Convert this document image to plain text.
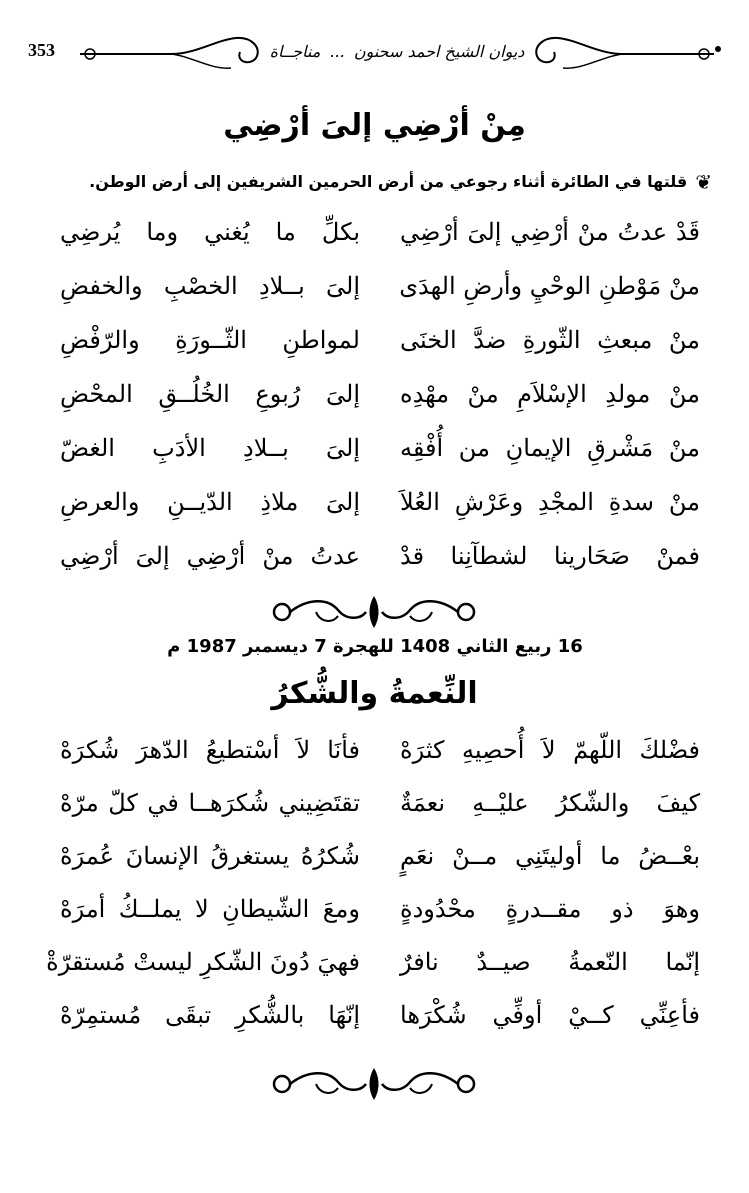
353	ديوان الشيخ احمد سحنون ... مناجــاة
مِنْ أرْضِي إلىَ أرْضِي
❦قلتها في الطائرة أثناء رجوعي من أرض الحرمين الشريفين إلى أرض الوطن.
قَدْ عدتُ منْ أرْضِي إلىَ أرْضِي
بكلِّ ما يُغني وما يُرضِي
منْ مَوْطنِ الوحْيِ وأرضِ الهدَى
إلىَ بــلادِ الخصْبِ والخفضِ
منْ مبعثِ الثّورةِ ضدَّ الخنَى
لمواطنِ الثّــورَةِ والرّفْضِ
منْ مولدِ الإسْلاَمِ منْ مهْدِه
إلىَ رُبوعِ الخُلُــقِ المحْضِ
منْ مَشْرقِ الإيمانِ من أُفْقِه
إلىَ بــلادِ الأدَبِ الغضّ
منْ سدةِ المجْدِ وعَرْشِ العُلاَ
إلىَ ملاذِ الدّيــنِ والعرضِ
فمنْ صَحَارينا لشطآنِنا قدْ
عدتُ منْ أرْضِي إلىَ أرْضِي
16 ربيع الثاني 1408 للهجرة 7 ديسمبر 1987 م
النِّعمةُ والشُّكرُ
فضْلكَ اللّهمّ لاَ أُحصِيهِ كثرَهْ
فأنَا لاَ أسْتطيعُ الدّهرَ شُكرَهْ
كيفَ والشّكرُ عليْــهِ نعمَةٌ
تقتَضِيني شُكرَهــا في كلّ مرّهْ
بعْــضُ ما أوليتَنِي مــنْ نعَمٍ
شُكرُهُ يستغرقُ الإنسانَ عُمرَهْ
وهوَ ذو مقــدرةٍ محْدُودةٍ
ومعَ الشّيطانِ لا يملــكُ أمرَهْ
إنّما النّعمةُ صيــدٌ نافرٌ
فهيَ دُونَ الشّكرِ ليستْ مُستقرّةْ
فأعِنِّي كــيْ أوفِّي شُكْرَها
إنّهَا بالشُّكرِ تبقَى مُستمِرّهْ
